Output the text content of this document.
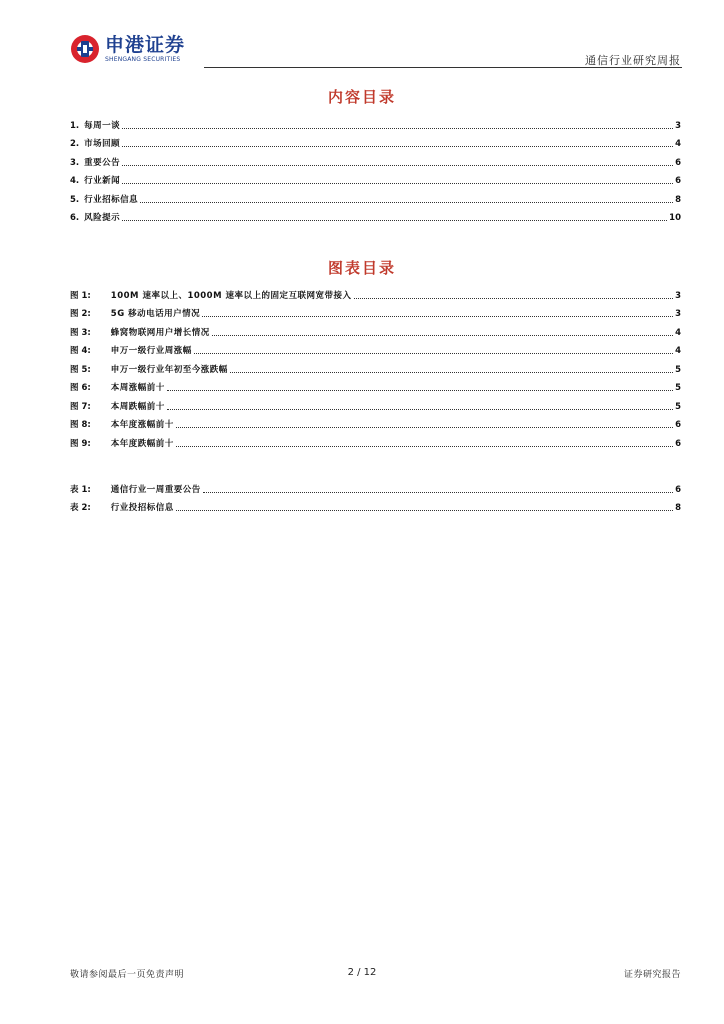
申港证券
SHENGANG SECURITIES	通信行业研究周报
内容目录
1. 每周一谈	3
2. 市场回顾	4
3. 重要公告	6
4. 行业新闻	6
5. 行业招标信息	8
6. 风险提示	10
图表目录
图 1: 100M 速率以上、1000M 速率以上的固定互联网宽带接入	3
图 2: 5G 移动电话用户情况	3
图 3: 蜂窝物联网用户增长情况	4
图 4: 申万一级行业周涨幅	4
图 5: 申万一级行业年初至今涨跌幅	5
图 6: 本周涨幅前十	5
图 7: 本周跌幅前十	5
图 8: 本年度涨幅前十	6
图 9: 本年度跌幅前十	6
表 1: 通信行业一周重要公告	6
表 2: 行业投招标信息	8
敬请参阅最后一页免责声明	2 / 12	证券研究报告
